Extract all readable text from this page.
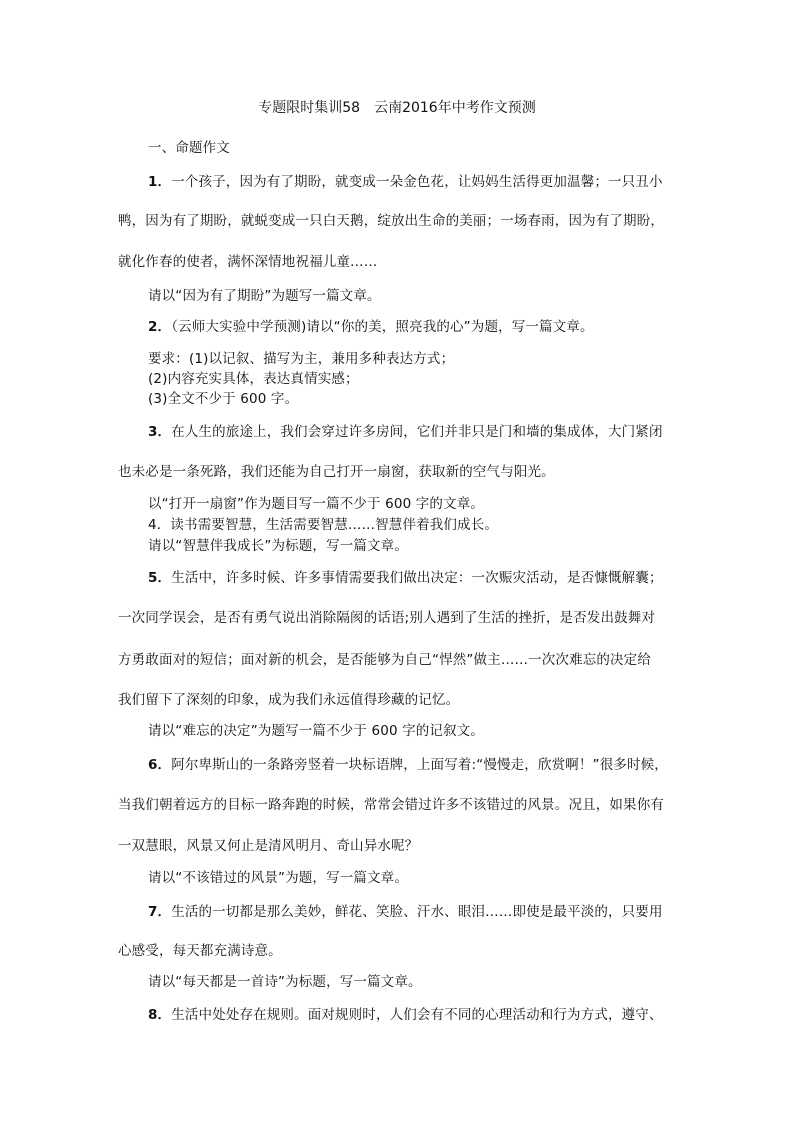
专题限时集训58　云南2016年中考作文预测
一、命题作文
1．一个孩子，因为有了期盼，就变成一朵金色花，让妈妈生活得更加温馨；一只丑小
鸭，因为有了期盼，就蜕变成一只白天鹅，绽放出生命的美丽；一场春雨，因为有了期盼，
就化作春的使者，满怀深情地祝福儿童……
请以“因为有了期盼”为题写一篇文章。
2．（云师大实验中学预测)请以“你的美，照亮我的心”为题，写一篇文章。
要求：(1)以记叙、描写为主，兼用多种表达方式；
(2)内容充实具体，表达真情实感；
(3)全文不少于 600 字。
3．在人生的旅途上，我们会穿过许多房间，它们并非只是门和墙的集成体，大门紧闭
也未必是一条死路，我们还能为自己打开一扇窗，获取新的空气与阳光。
以“打开一扇窗”作为题目写一篇不少于 600 字的文章。
4．读书需要智慧，生活需要智慧……智慧伴着我们成长。
请以“智慧伴我成长”为标题，写一篇文章。
5．生活中，许多时候、许多事情需要我们做出决定：一次赈灾活动，是否慷慨解囊；
一次同学误会，是否有勇气说出消除隔阂的话语;别人遇到了生活的挫折，是否发出鼓舞对
方勇敢面对的短信；面对新的机会，是否能够为自己“悍然”做主……一次次难忘的决定给
我们留下了深刻的印象，成为我们永远值得珍藏的记忆。
请以“难忘的决定”为题写一篇不少于 600 字的记叙文。
6．阿尔卑斯山的一条路旁竖着一块标语牌，上面写着:“慢慢走，欣赏啊！”很多时候，
当我们朝着远方的目标一路奔跑的时候，常常会错过许多不该错过的风景。况且，如果你有
一双慧眼，风景又何止是清风明月、奇山异水呢？
请以“不该错过的风景”为题，写一篇文章。
7．生活的一切都是那么美妙，鲜花、笑脸、汗水、眼泪……即使是最平淡的，只要用
心感受，每天都充满诗意。
请以“每天都是一首诗”为标题，写一篇文章。
8．生活中处处存在规则。面对规则时，人们会有不同的心理活动和行为方式，遵守、
